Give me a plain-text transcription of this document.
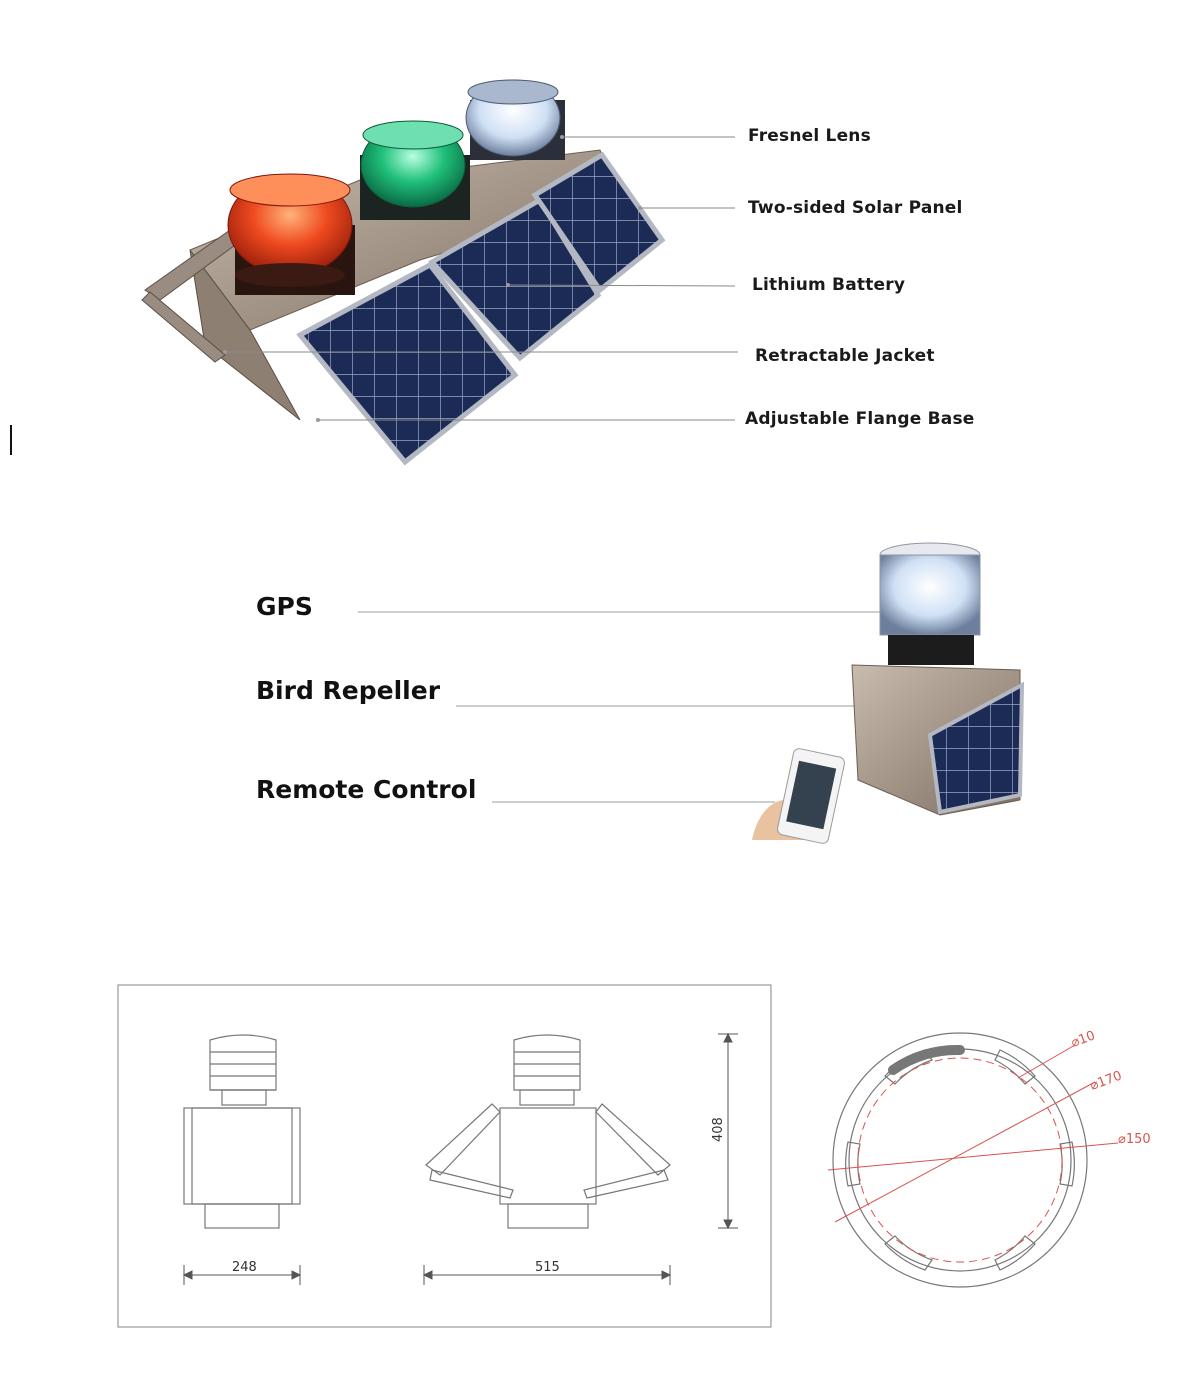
Fresnel Lens
Two-sided Solar Panel
Lithium Battery
Retractable Jacket
Adjustable Flange Base
GPS
Bird Repeller
Remote Control
248	515
408
⌀10
⌀170
⌀150
